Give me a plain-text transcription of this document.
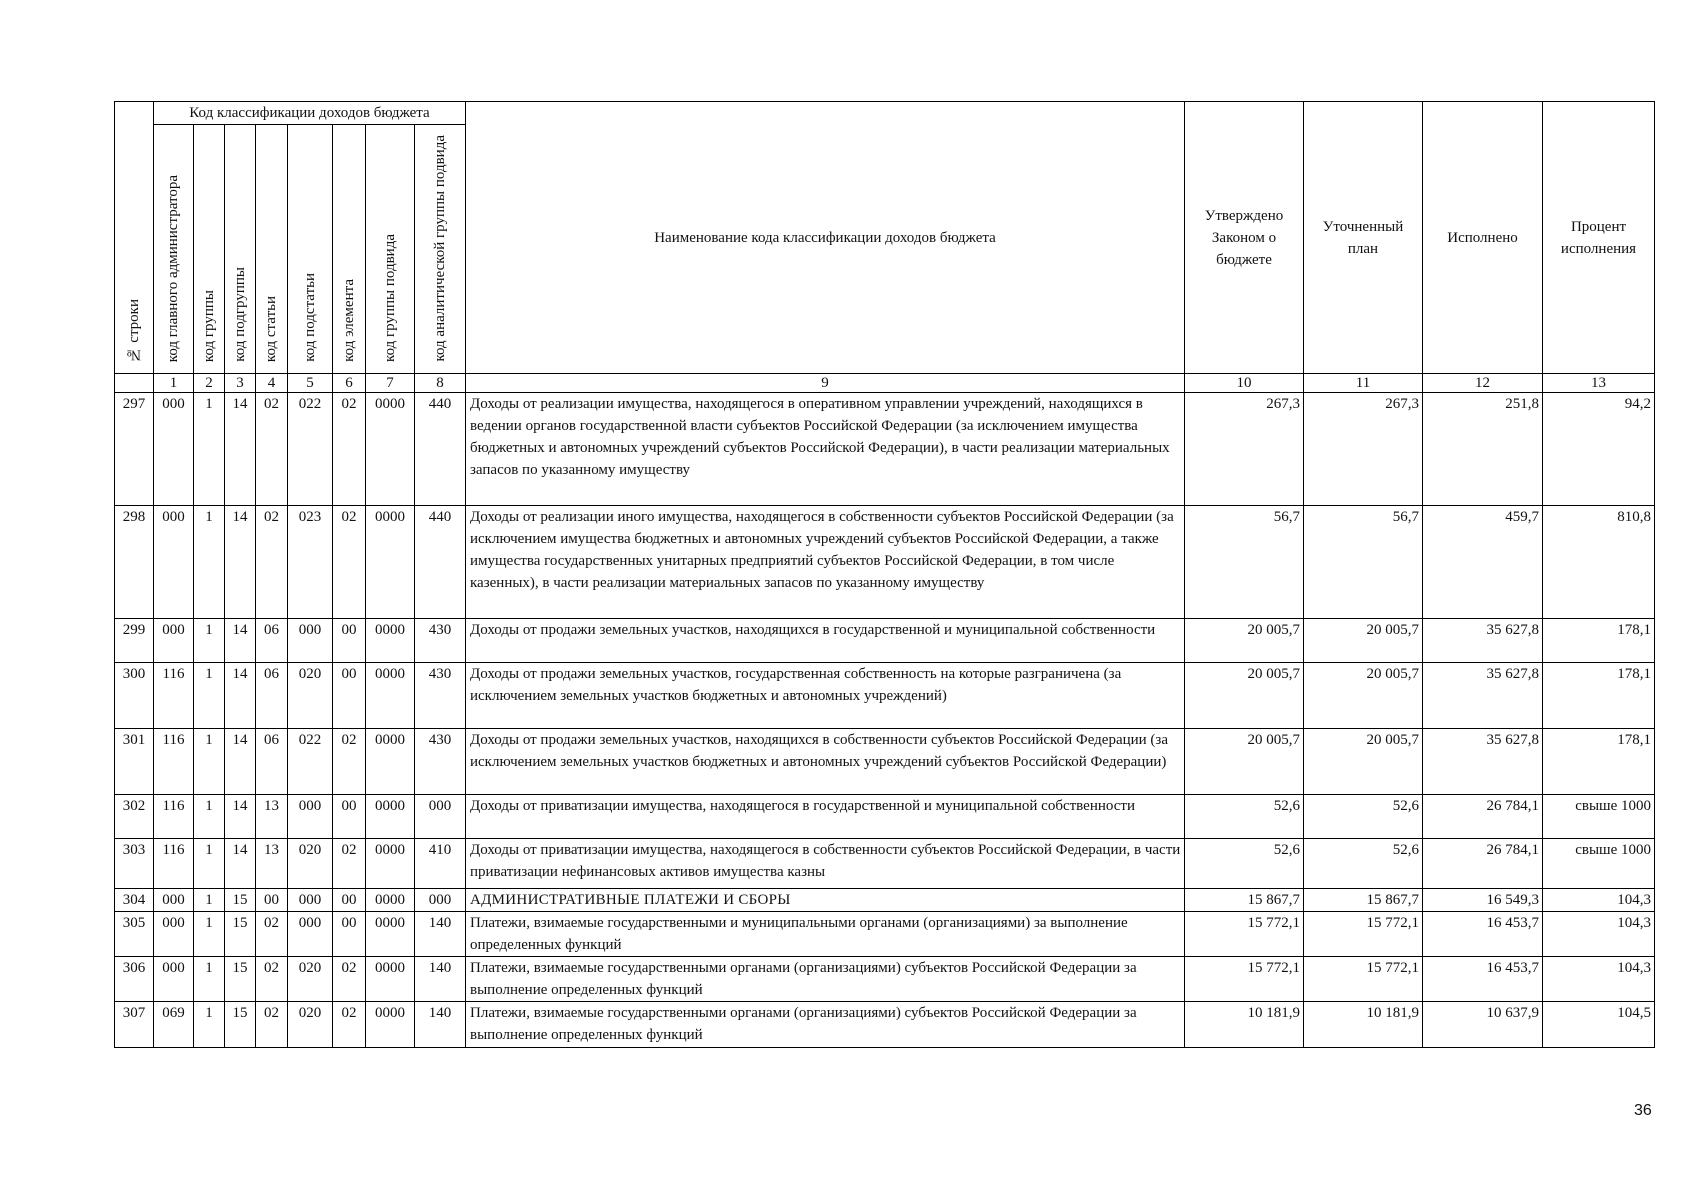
№ строки	Код классификации доходов бюджета								Наименование кода классификации доходов бюджета	Утверждено Законом о бюджете	Уточненный план	Исполнено	Процент исполнения
	код главного администратора	код группы	код подгруппы	код статьи	код подстатьи	код элемента	код группы подвида	код аналитической группы подвида					
	1	2	3	4	5	6	7	8	9	10	11	12	13
297	000	1	14	02	022	02	0000	440	Доходы от реализации имущества, находящегося в оперативном управлении учреждений, находящихся в ведении органов государственной власти субъектов Российской Федерации (за исключением имущества бюджетных и автономных учреждений субъектов Российской Федерации), в части реализации материальных запасов по указанному имуществу	267,3	267,3	251,8	94,2
298	000	1	14	02	023	02	0000	440	Доходы от реализации иного имущества, находящегося в собственности субъектов Российской Федерации (за исключением имущества бюджетных и автономных учреждений субъектов Российской Федерации, а также имущества государственных унитарных предприятий субъектов Российской Федерации, в том числе казенных), в части реализации материальных запасов по указанному имуществу	56,7	56,7	459,7	810,8
299	000	1	14	06	000	00	0000	430	Доходы от продажи земельных участков, находящихся в государственной и муниципальной собственности	20 005,7	20 005,7	35 627,8	178,1
300	116	1	14	06	020	00	0000	430	Доходы от продажи земельных участков, государственная собственность на которые разграничена (за исключением земельных участков бюджетных и автономных учреждений)	20 005,7	20 005,7	35 627,8	178,1
301	116	1	14	06	022	02	0000	430	Доходы от продажи земельных участков, находящихся в собственности субъектов Российской Федерации (за исключением земельных участков бюджетных и автономных учреждений субъектов Российской Федерации)	20 005,7	20 005,7	35 627,8	178,1
302	116	1	14	13	000	00	0000	000	Доходы от приватизации имущества, находящегося в государственной и муниципальной собственности	52,6	52,6	26 784,1	свыше 1000
303	116	1	14	13	020	02	0000	410	Доходы от приватизации имущества, находящегося в собственности субъектов Российской Федерации, в части приватизации нефинансовых активов имущества казны	52,6	52,6	26 784,1	свыше 1000
304	000	1	15	00	000	00	0000	000	АДМИНИСТРАТИВНЫЕ ПЛАТЕЖИ И СБОРЫ	15 867,7	15 867,7	16 549,3	104,3
305	000	1	15	02	000	00	0000	140	Платежи, взимаемые государственными и муниципальными органами (организациями) за выполнение определенных функций	15 772,1	15 772,1	16 453,7	104,3
306	000	1	15	02	020	02	0000	140	Платежи, взимаемые государственными органами (организациями) субъектов Российской Федерации за выполнение определенных функций	15 772,1	15 772,1	16 453,7	104,3
307	069	1	15	02	020	02	0000	140	Платежи, взимаемые государственными органами (организациями) субъектов Российской Федерации за выполнение определенных функций	10 181,9	10 181,9	10 637,9	104,5
36
